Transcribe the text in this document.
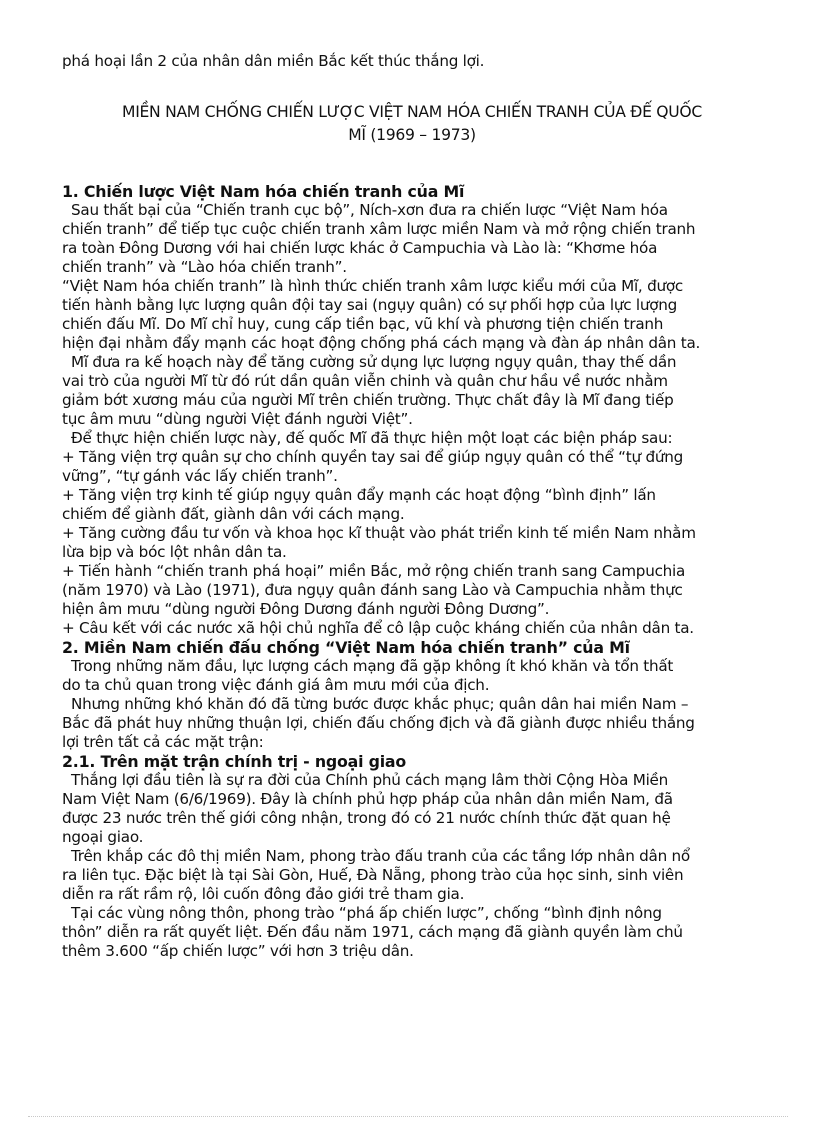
phá hoại lần 2 của nhân dân miền Bắc kết thúc thắng lợi.
MIỀN NAM CHỐNG CHIẾN LƯỢC VIỆT NAM HÓA CHIẾN TRANH CỦA ĐẾ QUỐC
MĨ (1969 – 1973)
1. Chiến lược Việt Nam hóa chiến tranh của Mĩ
Sau thất bại của “Chiến tranh cục bộ”, Ních-xơn đưa ra chiến lược “Việt Nam hóa
chiến tranh” để tiếp tục cuộc chiến tranh xâm lược miền Nam và mở rộng chiến tranh
ra toàn Đông Dương với hai chiến lược khác ở Campuchia và Lào là: “Khơme hóa
chiến tranh” và “Lào hóa chiến tranh”.
“Việt Nam hóa chiến tranh” là hình thức chiến tranh xâm lược kiểu mới của Mĩ, được
tiến hành bằng lực lượng quân đội tay sai (ngụy quân) có sự phối hợp của lực lượng
chiến đấu Mĩ. Do Mĩ chỉ huy, cung cấp tiền bạc, vũ khí và phương tiện chiến tranh
hiện đại nhằm đẩy mạnh các hoạt động chống phá cách mạng và đàn áp nhân dân ta.
Mĩ đưa ra kế hoạch này để tăng cường sử dụng lực lượng ngụy quân, thay thế dần
vai trò của người Mĩ từ đó rút dần quân viễn chinh và quân chư hầu về nước nhằm
giảm bớt xương máu của người Mĩ trên chiến trường. Thực chất đây là Mĩ đang tiếp
tục âm mưu “dùng người Việt đánh người Việt”.
Để thực hiện chiến lược này, đế quốc Mĩ đã thực hiện một loạt các biện pháp sau:
+ Tăng viện trợ quân sự cho chính quyền tay sai để giúp ngụy quân có thể “tự đứng
vững”, “tự gánh vác lấy chiến tranh”.
+ Tăng viện trợ kinh tế giúp ngụy quân đẩy mạnh các hoạt động “bình định” lấn
chiếm để giành đất, giành dân với cách mạng.
+ Tăng cường đầu tư vốn và khoa học kĩ thuật vào phát triển kinh tế miền Nam nhằm
lừa bịp và bóc lột nhân dân ta.
+ Tiến hành “chiến tranh phá hoại” miền Bắc, mở rộng chiến tranh sang Campuchia
(năm 1970) và Lào (1971), đưa ngụy quân đánh sang Lào và Campuchia nhằm thực
hiện âm mưu “dùng người Đông Dương đánh người Đông Dương”.
+ Câu kết với các nước xã hội chủ nghĩa để cô lập cuộc kháng chiến của nhân dân ta.
2. Miền Nam chiến đấu chống “Việt Nam hóa chiến tranh” của Mĩ
Trong những năm đầu, lực lượng cách mạng đã gặp không ít khó khăn và tổn thất
do ta chủ quan trong việc đánh giá âm mưu mới của địch.
Nhưng những khó khăn đó đã từng bước được khắc phục; quân dân hai miền Nam –
Bắc đã phát huy những thuận lợi, chiến đấu chống địch và đã giành được nhiều thắng
lợi trên tất cả các mặt trận:
2.1. Trên mặt trận chính trị - ngoại giao
Thắng lợi đầu tiên là sự ra đời của Chính phủ cách mạng lâm thời Cộng Hòa Miền
Nam Việt Nam (6/6/1969). Đây là chính phủ hợp pháp của nhân dân miền Nam, đã
được 23 nước trên thế giới công nhận, trong đó có 21 nước chính thức đặt quan hệ
ngoại giao.
Trên khắp các đô thị miền Nam, phong trào đấu tranh của các tầng lớp nhân dân nổ
ra liên tục. Đặc biệt là tại Sài Gòn, Huế, Đà Nẵng, phong trào của học sinh, sinh viên
diễn ra rất rầm rộ, lôi cuốn đông đảo giới trẻ tham gia.
Tại các vùng nông thôn, phong trào “phá ấp chiến lược”, chống “bình định nông
thôn” diễn ra rất quyết liệt. Đến đầu năm 1971, cách mạng đã giành quyền làm chủ
thêm 3.600 “ấp chiến lược” với hơn 3 triệu dân.
